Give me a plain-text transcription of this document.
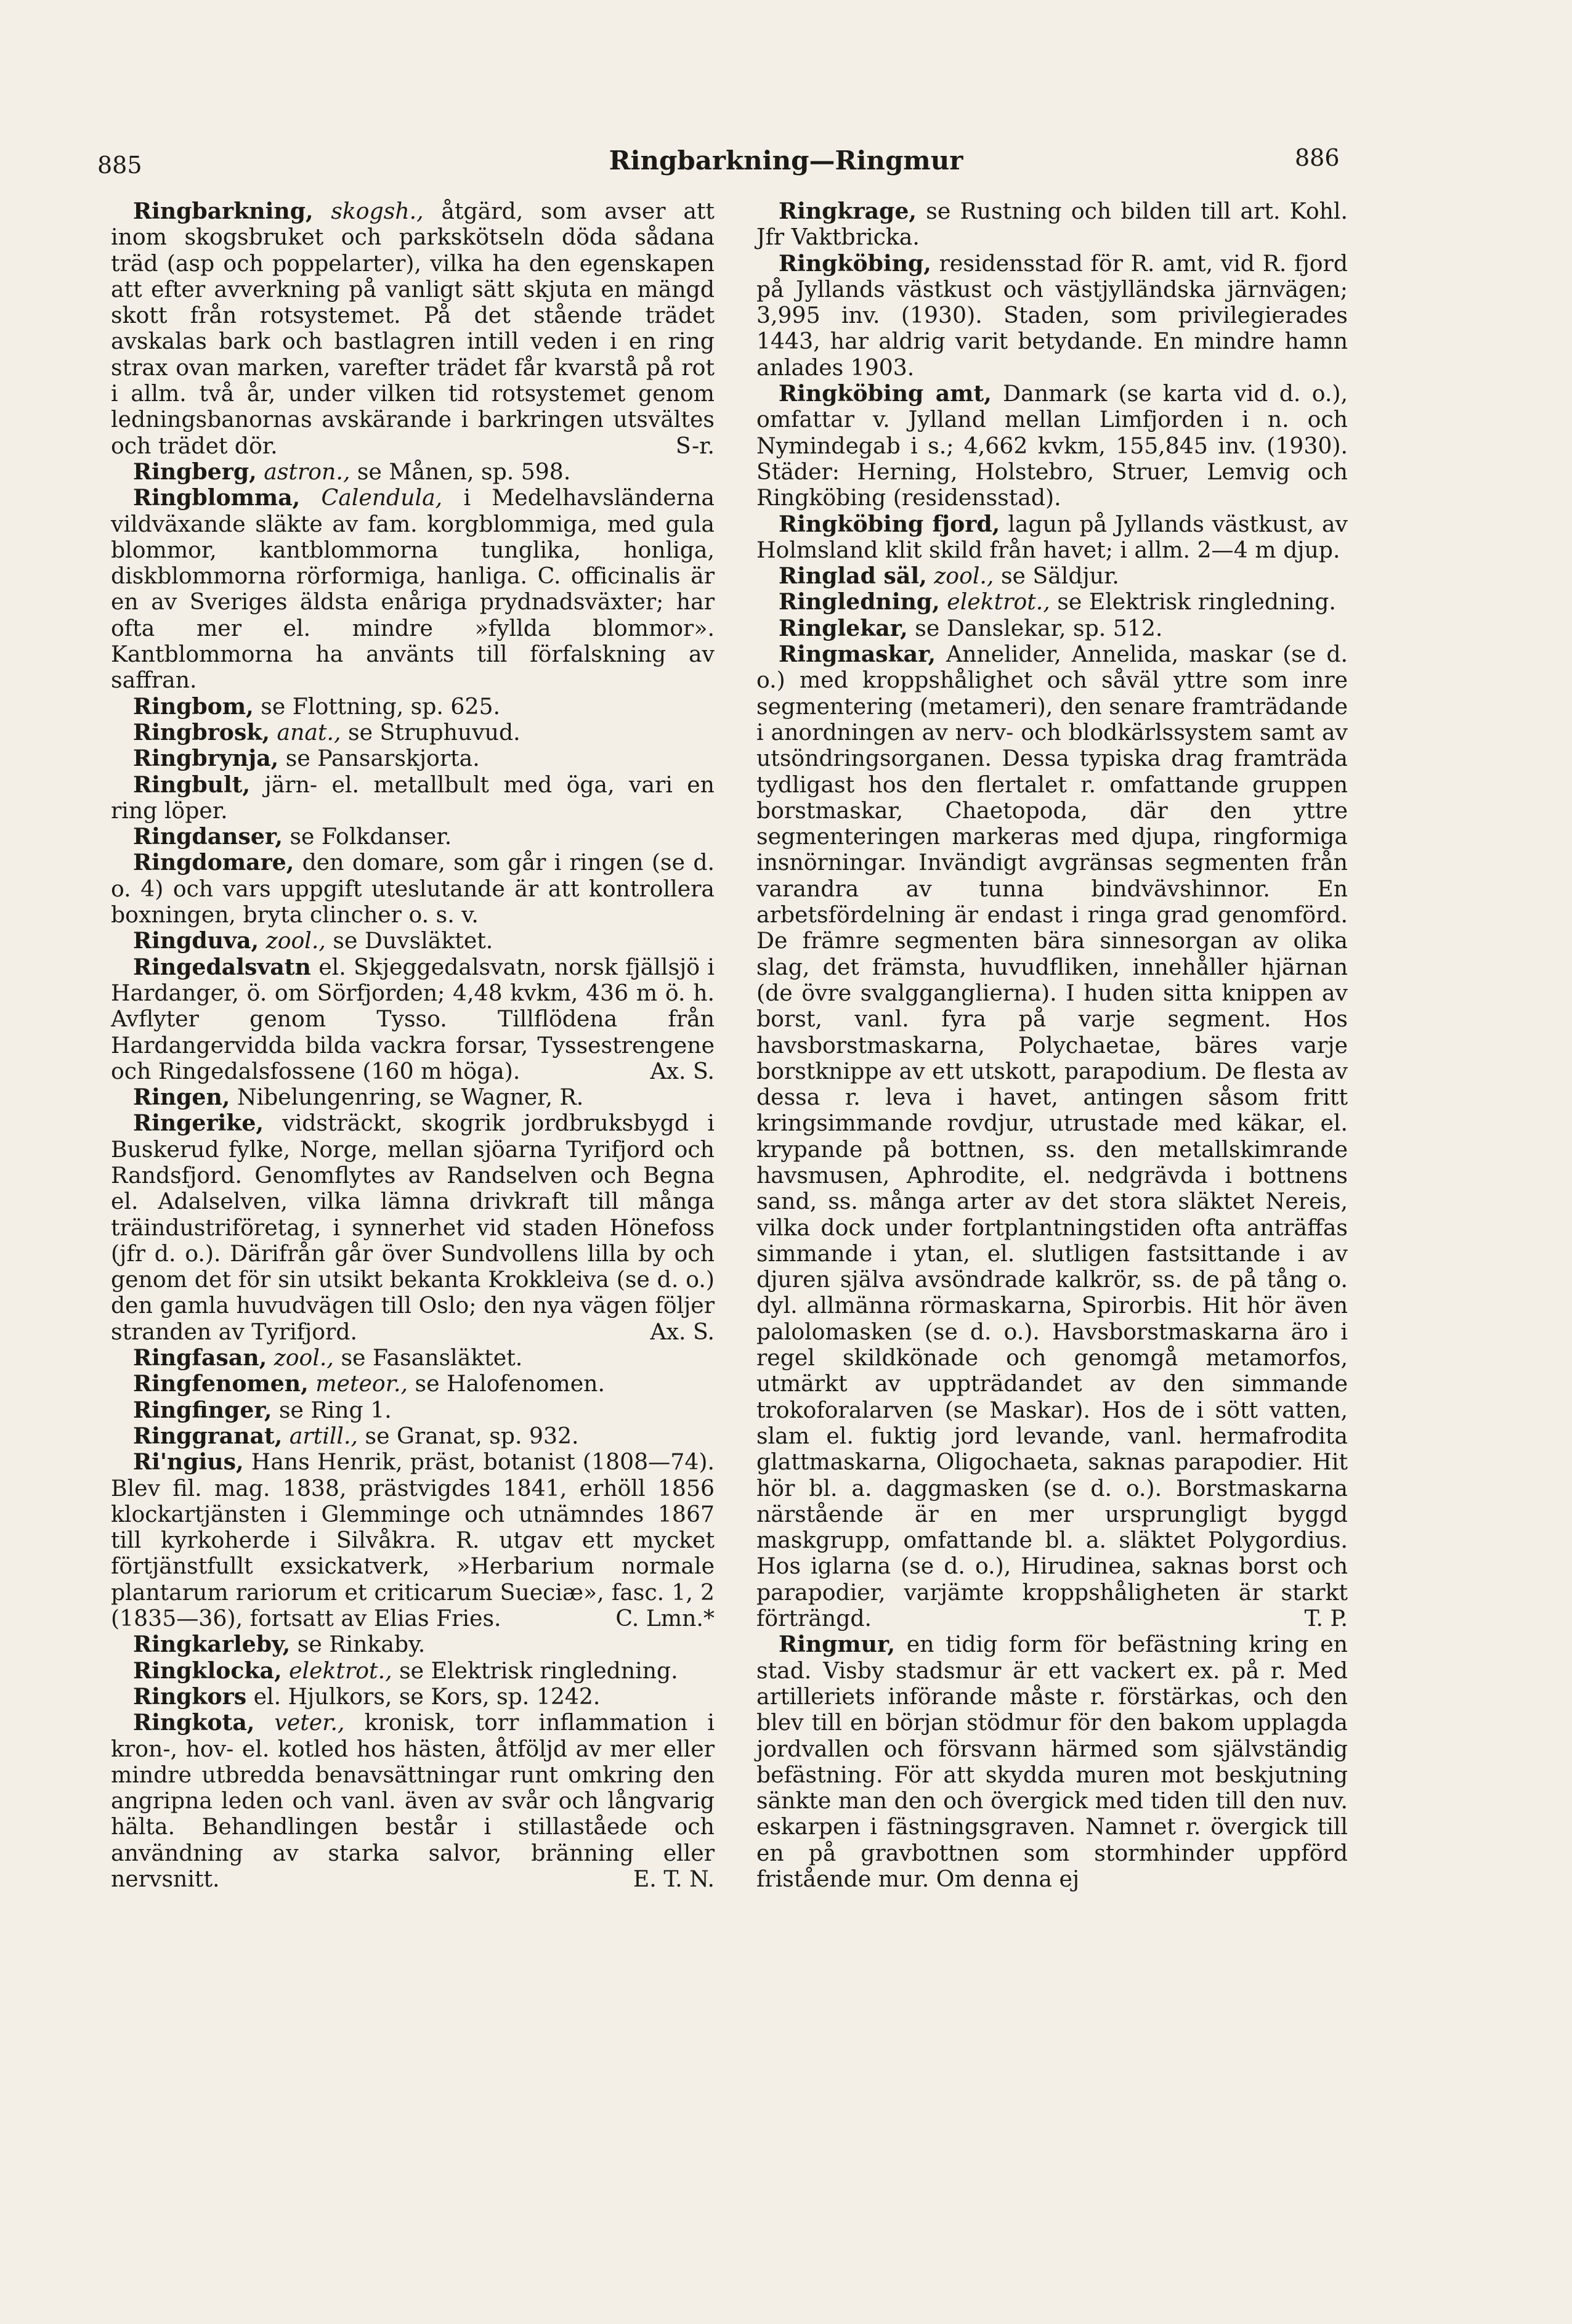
885	Ringbarkning—Ringmur	886

Ringbarkning, skogsh., åtgärd, som avser att inom skogsbruket och parkskötseln döda sådana träd (asp och poppelarter), vilka ha den egenskapen att efter avverkning på vanligt sätt skjuta en mängd skott från rotsystemet. På det stående trädet avskalas bark och bastlagren intill veden i en ring strax ovan marken, varefter trädet får kvarstå på rot i allm. två år, under vilken tid rotsystemet genom ledningsbanornas avskärande i barkringen utsvältes och trädet dör.	S-r.

Ringberg, astron., se Månen, sp. 598.

Ringblomma, Calendula, i Medelhavsländerna vildväxande släkte av fam. korgblommiga, med gula blommor, kantblommorna tunglika, honliga, diskblommorna rörformiga, hanliga. C. officinalis är en av Sveriges äldsta enåriga prydnadsväxter; har ofta mer el. mindre »fyllda blommor». Kantblommorna ha använts till förfalskning av saffran.

Ringbom, se Flottning, sp. 625.

Ringbrosk, anat., se Struphuvud.

Ringbrynja, se Pansarskjorta.

Ringbult, järn- el. metallbult med öga, vari en ring löper.

Ringdanser, se Folkdanser.

Ringdomare, den domare, som går i ringen (se d. o. 4) och vars uppgift uteslutande är att kontrollera boxningen, bryta clincher o. s. v.

Ringduva, zool., se Duvsläktet.

Ringedalsvatn el. Skjeggedalsvatn, norsk fjällsjö i Hardanger, ö. om Sörfjorden; 4,48 kvkm, 436 m ö. h. Avflyter genom Tysso. Tillflödena från Hardangervidda bilda vackra forsar, Tyssestrengene och Ringedalsfossene (160 m höga).	Ax. S.

Ringen, Nibelungenring, se Wagner, R.

Ringerike, vidsträckt, skogrik jordbruksbygd i Buskerud fylke, Norge, mellan sjöarna Tyrifjord och Randsfjord. Genomflytes av Randselven och Begna el. Adalselven, vilka lämna drivkraft till många träindustriföretag, i synnerhet vid staden Hönefoss (jfr d. o.). Därifrån går över Sundvollens lilla by och genom det för sin utsikt bekanta Krokkleiva (se d. o.) den gamla huvudvägen till Oslo; den nya vägen följer stranden av Tyrifjord.	Ax. S.

Ringfasan, zool., se Fasansläktet.

Ringfenomen, meteor., se Halofenomen.

Ringfinger, se Ring 1.

Ringgranat, artill., se Granat, sp. 932.

Ri'ngius, Hans Henrik, präst, botanist (1808—74). Blev fil. mag. 1838, prästvigdes 1841, erhöll 1856 klockartjänsten i Glemminge och utnämndes 1867 till kyrkoherde i Silvåkra. R. utgav ett mycket förtjänstfullt exsickatverk, »Herbarium normale plantarum rariorum et criticarum Sueciæ», fasc. 1, 2 (1835—36), fortsatt av Elias Fries.	C. Lmn.*

Ringkarleby, se Rinkaby.

Ringklocka, elektrot., se Elektrisk ringledning.

Ringkors el. Hjulkors, se Kors, sp. 1242.

Ringkota, veter., kronisk, torr inflammation i kron-, hov- el. kotled hos hästen, åtföljd av mer eller mindre utbredda benavsättningar runt omkring den angripna leden och vanl. även av svår och långvarig hälta. Behandlingen består i stillaståede och användning av starka salvor, bränning eller nervsnitt.	E. T. N.

Ringkrage, se Rustning och bilden till art. Kohl. Jfr Vaktbricka.

Ringköbing, residensstad för R. amt, vid R. fjord på Jyllands västkust och västjylländska järnvägen; 3,995 inv. (1930). Staden, som privilegierades 1443, har aldrig varit betydande. En mindre hamn anlades 1903.

Ringköbing amt, Danmark (se karta vid d. o.), omfattar v. Jylland mellan Limfjorden i n. och Nymindegab i s.; 4,662 kvkm, 155,845 inv. (1930). Städer: Herning, Holstebro, Struer, Lemvig och Ringköbing (residensstad).

Ringköbing fjord, lagun på Jyllands västkust, av Holmsland klit skild från havet; i allm. 2—4 m djup.

Ringlad säl, zool., se Säldjur.

Ringledning, elektrot., se Elektrisk ringledning.

Ringlekar, se Danslekar, sp. 512.

Ringmaskar, Annelider, Annelida, maskar (se d. o.) med kroppshålighet och såväl yttre som inre segmentering (metameri), den senare framträdande i anordningen av nerv- och blodkärlssystem samt av utsöndringsorganen. Dessa typiska drag framträda tydligast hos den flertalet r. omfattande gruppen borstmaskar, Chaetopoda, där den yttre segmenteringen markeras med djupa, ringformiga insnörningar. Invändigt avgränsas segmenten från varandra av tunna bindvävshinnor. En arbetsfördelning är endast i ringa grad genomförd. De främre segmenten bära sinnesorgan av olika slag, det främsta, huvudfliken, innehåller hjärnan (de övre svalgganglierna). I huden sitta knippen av borst, vanl. fyra på varje segment. Hos havsborstmaskarna, Polychaetae, bäres varje borstknippe av ett utskott, parapodium. De flesta av dessa r. leva i havet, antingen såsom fritt kringsimmande rovdjur, utrustade med käkar, el. krypande på bottnen, ss. den metallskimrande havsmusen, Aphrodite, el. nedgrävda i bottnens sand, ss. många arter av det stora släktet Nereis, vilka dock under fortplantningstiden ofta anträffas simmande i ytan, el. slutligen fastsittande i av djuren själva avsöndrade kalkrör, ss. de på tång o. dyl. allmänna rörmaskarna, Spirorbis. Hit hör även palolomasken (se d. o.). Havsborstmaskarna äro i regel skildkönade och genomgå metamorfos, utmärkt av uppträdandet av den simmande trokoforalarven (se Maskar). Hos de i sött vatten, slam el. fuktig jord levande, vanl. hermafrodita glattmaskarna, Oligochaeta, saknas parapodier. Hit hör bl. a. daggmasken (se d. o.). Borstmaskarna närstående är en mer ursprungligt byggd maskgrupp, omfattande bl. a. släktet Polygordius. Hos iglarna (se d. o.), Hirudinea, saknas borst och parapodier, varjämte kroppshåligheten är starkt förträngd.	T. P.

Ringmur, en tidig form för befästning kring en stad. Visby stadsmur är ett vackert ex. på r. Med artilleriets införande måste r. förstärkas, och den blev till en början stödmur för den bakom upplagda jordvallen och försvann härmed som självständig befästning. För att skydda muren mot beskjutning sänkte man den och övergick med tiden till den nuv. eskarpen i fästningsgraven. Namnet r. övergick till en på gravbottnen som stormhinder uppförd fristående mur. Om denna ej
